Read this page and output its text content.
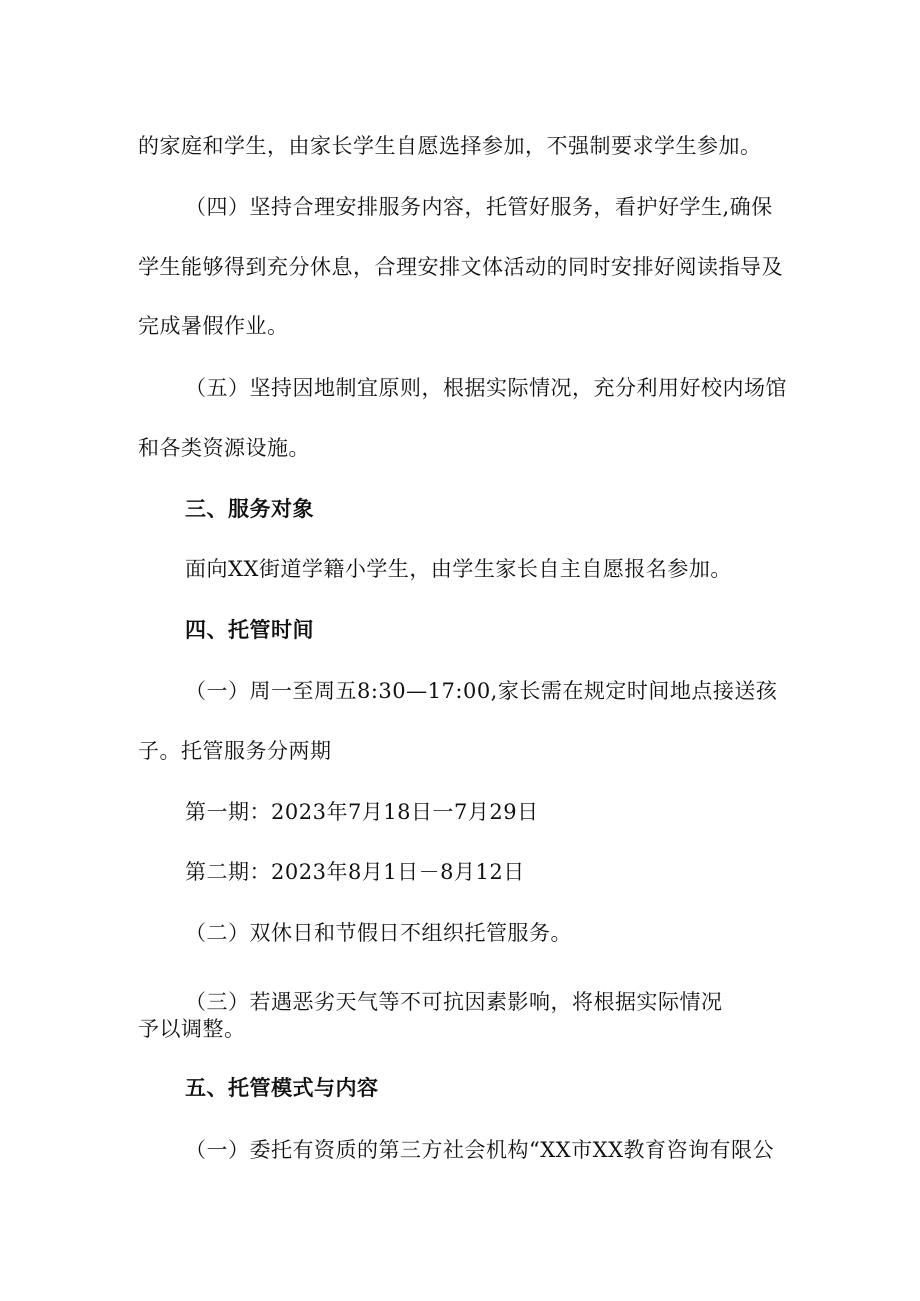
的家庭和学生，由家长学生自愿选择参加，不强制要求学生参加。
（四）坚持合理安排服务内容，托管好服务，看护好学生,确保
学生能够得到充分休息，合理安排文体活动的同时安排好阅读指导及
完成暑假作业。
（五）坚持因地制宜原则，根据实际情况，充分利用好校内场馆
和各类资源设施。
三、服务对象
面向XX街道学籍小学生，由学生家长自主自愿报名参加。
四、托管时间
（一）周一至周五8:30—17:00,家长需在规定时间地点接送孩
子。托管服务分两期
第一期：2023年7月18日一7月29日
第二期：2023年8月1日－8月12日
（二）双休日和节假日不组织托管服务。
（三）若遇恶劣天气等不可抗因素影响，将根据实际情况
予以调整。
五、托管模式与内容
（一）委托有资质的第三方社会机构“XX市XX教育咨询有限公
